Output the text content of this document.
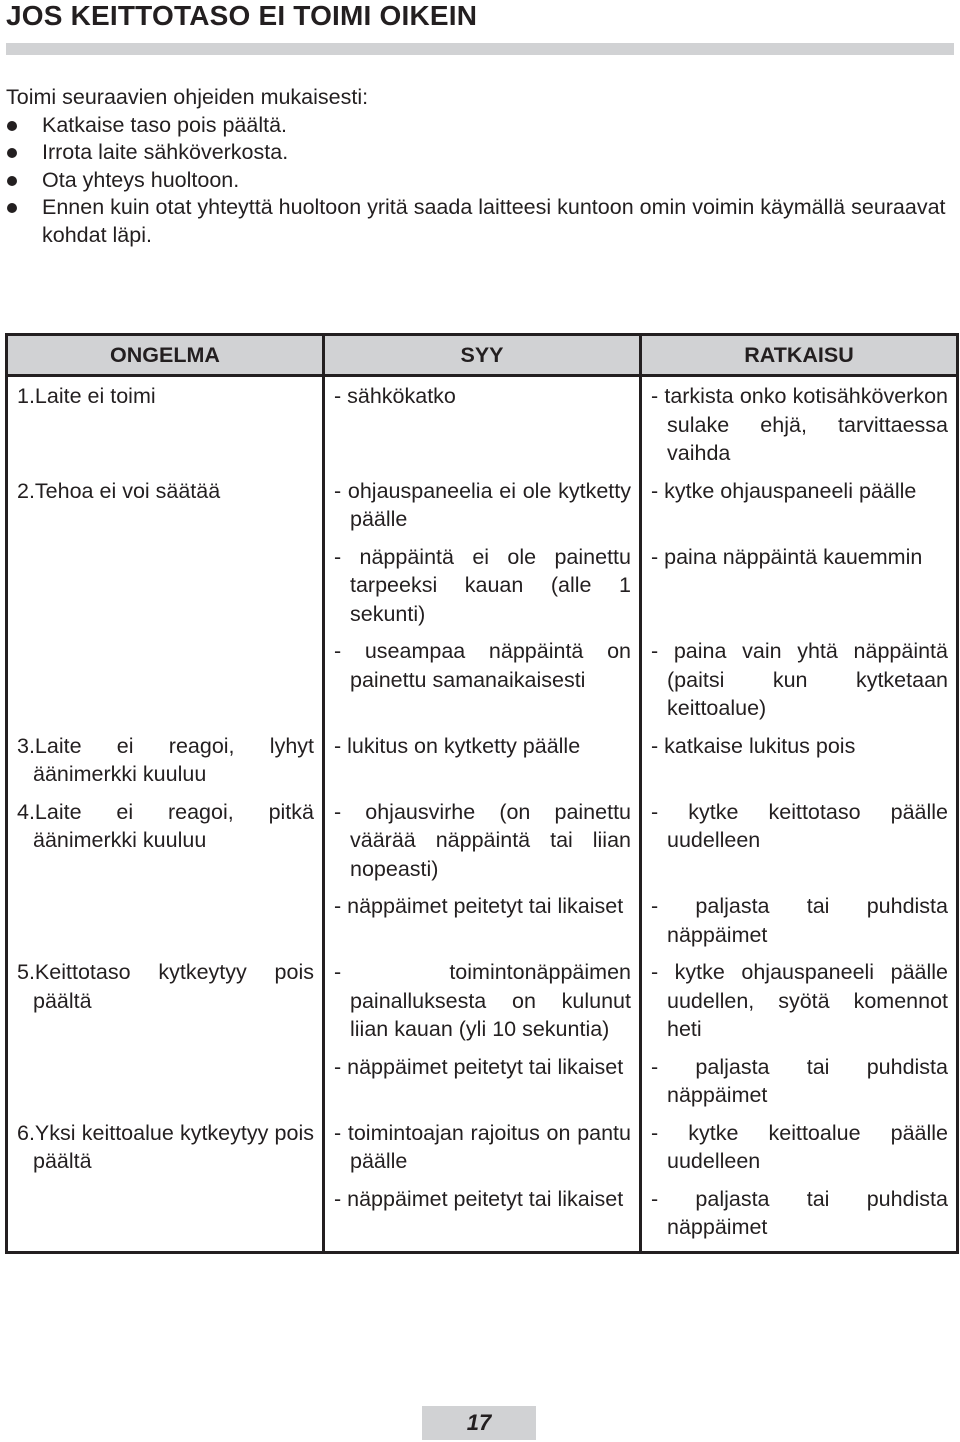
JOS KEITTOTASO EI TOIMI OIKEIN
Toimi seuraavien ohjeiden mukaisesti:
Katkaise taso pois päältä.
Irrota laite sähköverkosta.
Ota yhteys huoltoon.
Ennen kuin otat yhteyttä huoltoon yritä saada laitteesi kuntoon omin voimin käymällä seuraavat kohdat läpi.
ONGELMA	SYY	RATKAISU

1.Laite ei toimi	- sähkökatko	- tarkista onko kotisähköverkon sulake ehjä, tarvittaessa vaihda

2.Tehoa ei voi säätää	- ohjauspaneelia ei ole kytketty päälle	- kytke ohjauspaneeli päälle

	- näppäintä ei ole painettu tarpeeksi kauan (alle 1 sekunti)	- paina näppäintä kauemmin

	- useampaa näppäintä on painettu samanaikaisesti	- paina vain yhtä näppäintä (paitsi kun kytketaan keittoalue)

3.Laite ei reagoi, lyhyt äänimerkki kuuluu	- lukitus on kytketty päälle	- katkaise lukitus pois

4.Laite ei reagoi, pitkä äänimerkki kuuluu	- ohjausvirhe (on painettu väärää näppäintä tai liian nopeasti)	- kytke keittotaso päälle uudelleen

	- näppäimet peitetyt tai likaiset	- paljasta tai puhdista näppäimet

5.Keittotaso kytkeytyy pois päältä	- toimintonäppäimen painalluksesta on kulunut liian kauan (yli 10 sekuntia)	- kytke ohjauspaneeli päälle uudellen, syötä komennot heti

	- näppäimet peitetyt tai likaiset	- paljasta tai puhdista näppäimet

6.Yksi keittoalue kytkeytyy pois päältä	- toimintoajan rajoitus on pantu päälle	- kytke keittoalue päälle uudelleen

	- näppäimet peitetyt tai likaiset	- paljasta tai puhdista näppäimet
17
